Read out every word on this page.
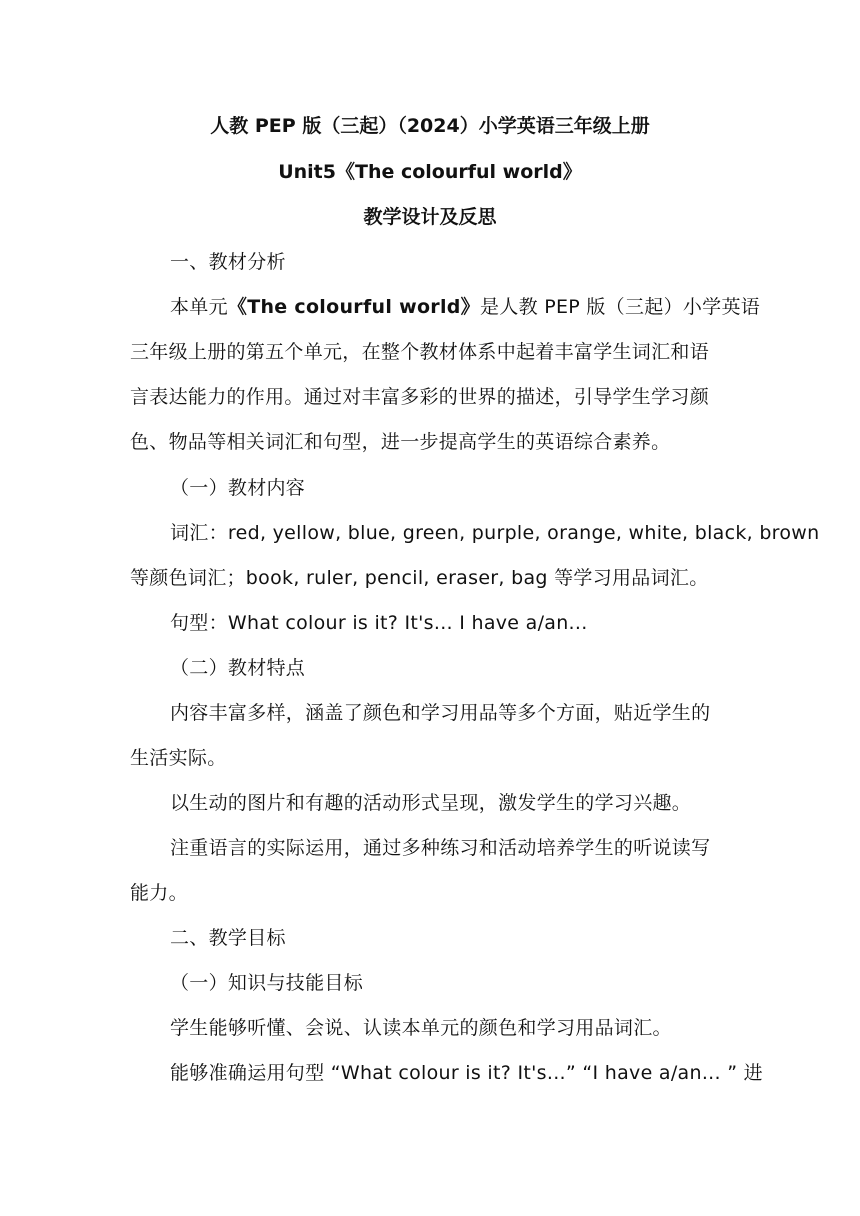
人教 PEP 版（三起）（2024）小学英语三年级上册
Unit5《The colourful world》
教学设计及反思
一、教材分析
本单元《The colourful world》是人教 PEP 版（三起）小学英语
三年级上册的第五个单元，在整个教材体系中起着丰富学生词汇和语
言表达能力的作用。通过对丰富多彩的世界的描述，引导学生学习颜
色、物品等相关词汇和句型，进一步提高学生的英语综合素养。
（一）教材内容
词汇：red, yellow, blue, green, purple, orange, white, black, brown
等颜色词汇；book, ruler, pencil, eraser, bag 等学习用品词汇。
句型：What colour is it? It's... I have a/an...
（二）教材特点
内容丰富多样，涵盖了颜色和学习用品等多个方面，贴近学生的
生活实际。
以生动的图片和有趣的活动形式呈现，激发学生的学习兴趣。
注重语言的实际运用，通过多种练习和活动培养学生的听说读写
能力。
二、教学目标
（一）知识与技能目标
学生能够听懂、会说、认读本单元的颜色和学习用品词汇。
能够准确运用句型 “What colour is it? It's...” “I have a/an... ” 进
